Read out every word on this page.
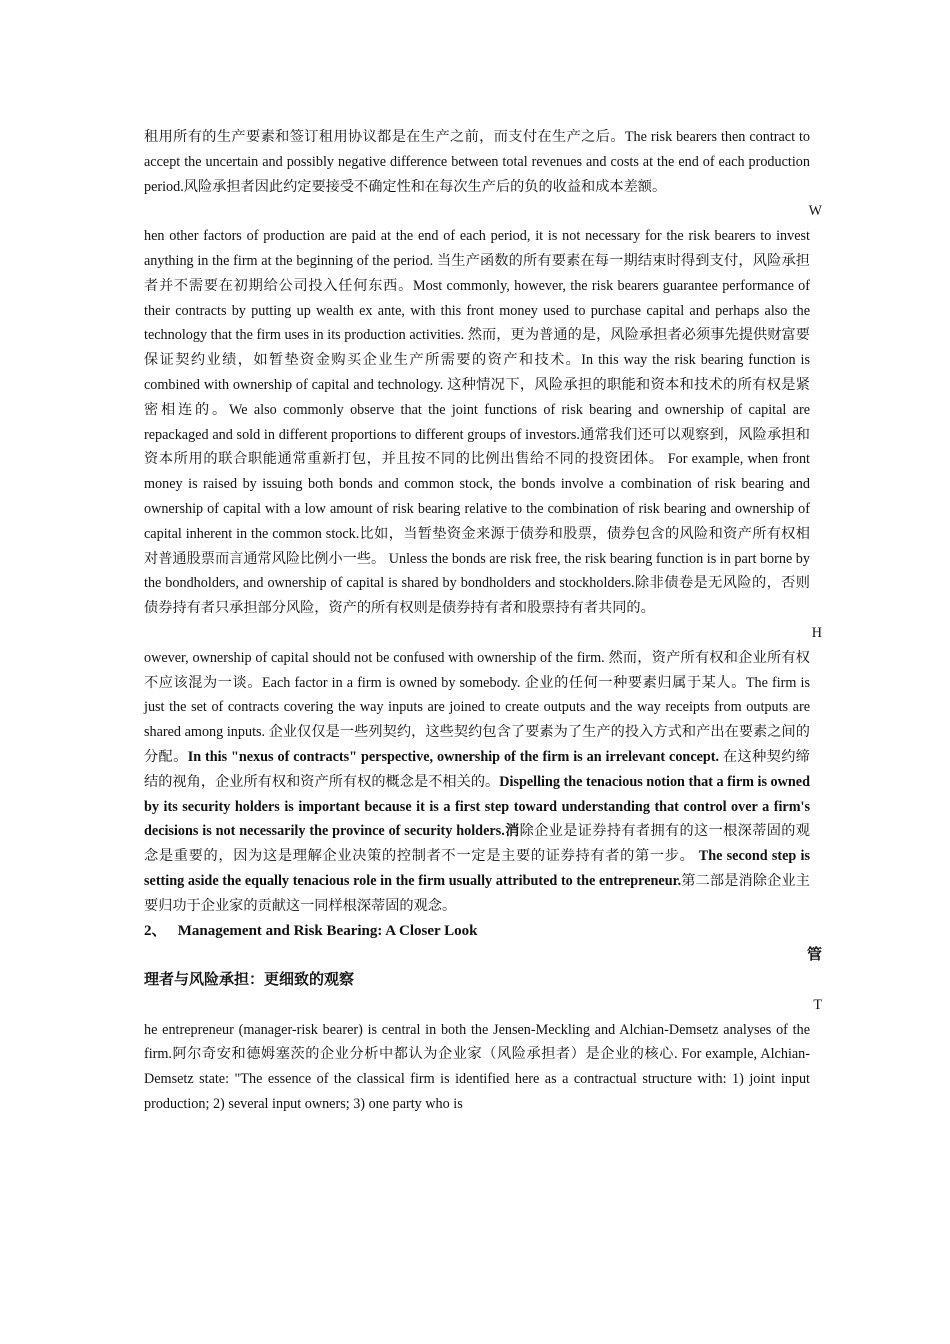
租用所有的生产要素和签订租用协议都是在生产之前，而支付在生产之后。The risk bearers then contract to accept the uncertain and possibly negative difference between total revenues and costs at the end of each production period.风险承担者因此约定要接受不确定性和在每次生产后的负的收益和成本差额。

W

hen other factors of production are paid at the end of each period, it is not necessary for the risk bearers to invest anything in the firm at the beginning of the period. 当生产函数的所有要素在每一期结束时得到支付，风险承担者并不需要在初期给公司投入任何东西。Most commonly, however, the risk bearers guarantee performance of their contracts by putting up wealth ex ante, with this front money used to purchase capital and perhaps also the technology that the firm uses in its production activities. 然而，更为普通的是，风险承担者必须事先提供财富要保证契约业绩，如暂垫资金购买企业生产所需要的资产和技术。In this way the risk bearing function is combined with ownership of capital and technology. 这种情况下，风险承担的职能和资本和技术的所有权是紧密相连的。We also commonly observe that the joint functions of risk bearing and ownership of capital are repackaged and sold in different proportions to different groups of investors.通常我们还可以观察到，风险承担和资本所用的联合职能通常重新打包，并且按不同的比例出售给不同的投资团体。 For example, when front money is raised by issuing both bonds and common stock, the bonds involve a combination of risk bearing and ownership of capital with a low amount of risk bearing relative to the combination of risk bearing and ownership of capital inherent in the common stock.比如，当暂垫资金来源于债券和股票，债券包含的风险和资产所有权相对普通股票而言通常风险比例小一些。 Unless the bonds are risk free, the risk bearing function is in part borne by the bondholders, and ownership of capital is shared by bondholders and stockholders.除非债卷是无风险的，否则债券持有者只承担部分风险，资产的所有权则是债券持有者和股票持有者共同的。

H

owever, ownership of capital should not be confused with ownership of the firm. 然而，资产所有权和企业所有权不应该混为一谈。Each factor in a firm is owned by somebody. 企业的任何一种要素归属于某人。The firm is just the set of contracts covering the way inputs are joined to create outputs and the way receipts from outputs are shared among inputs. 企业仅仅是一些列契约，这些契约包含了要素为了生产的投入方式和产出在要素之间的分配。In this "nexus of contracts" perspective, ownership of the firm is an irrelevant concept. 在这种契约缔结的视角，企业所有权和资产所有权的概念是不相关的。Dispelling the tenacious notion that a firm is owned by its security holders is important because it is a first step toward understanding that control over a firm's decisions is not necessarily the province of security holders.消除企业是证券持有者拥有的这一根深蒂固的观念是重要的，因为这是理解企业决策的控制者不一定是主要的证券持有者的第一步。 The second step is setting aside the equally tenacious role in the firm usually attributed to the entrepreneur.第二部是消除企业主要归功于企业家的贡献这一同样根深蒂固的观念。

2、 Management and Risk Bearing: A Closer Look

管

理者与风险承担：更细致的观察

T

he entrepreneur (manager-risk bearer) is central in both the Jensen-Meckling and Alchian-Demsetz analyses of the firm.阿尔奇安和德姆塞茨的企业分析中都认为企业家（风险承担者）是企业的核心. For example, Alchian-Demsetz state: "The essence of the classical firm is identified here as a contractual structure with: 1) joint input production; 2) several input owners; 3) one party who is
